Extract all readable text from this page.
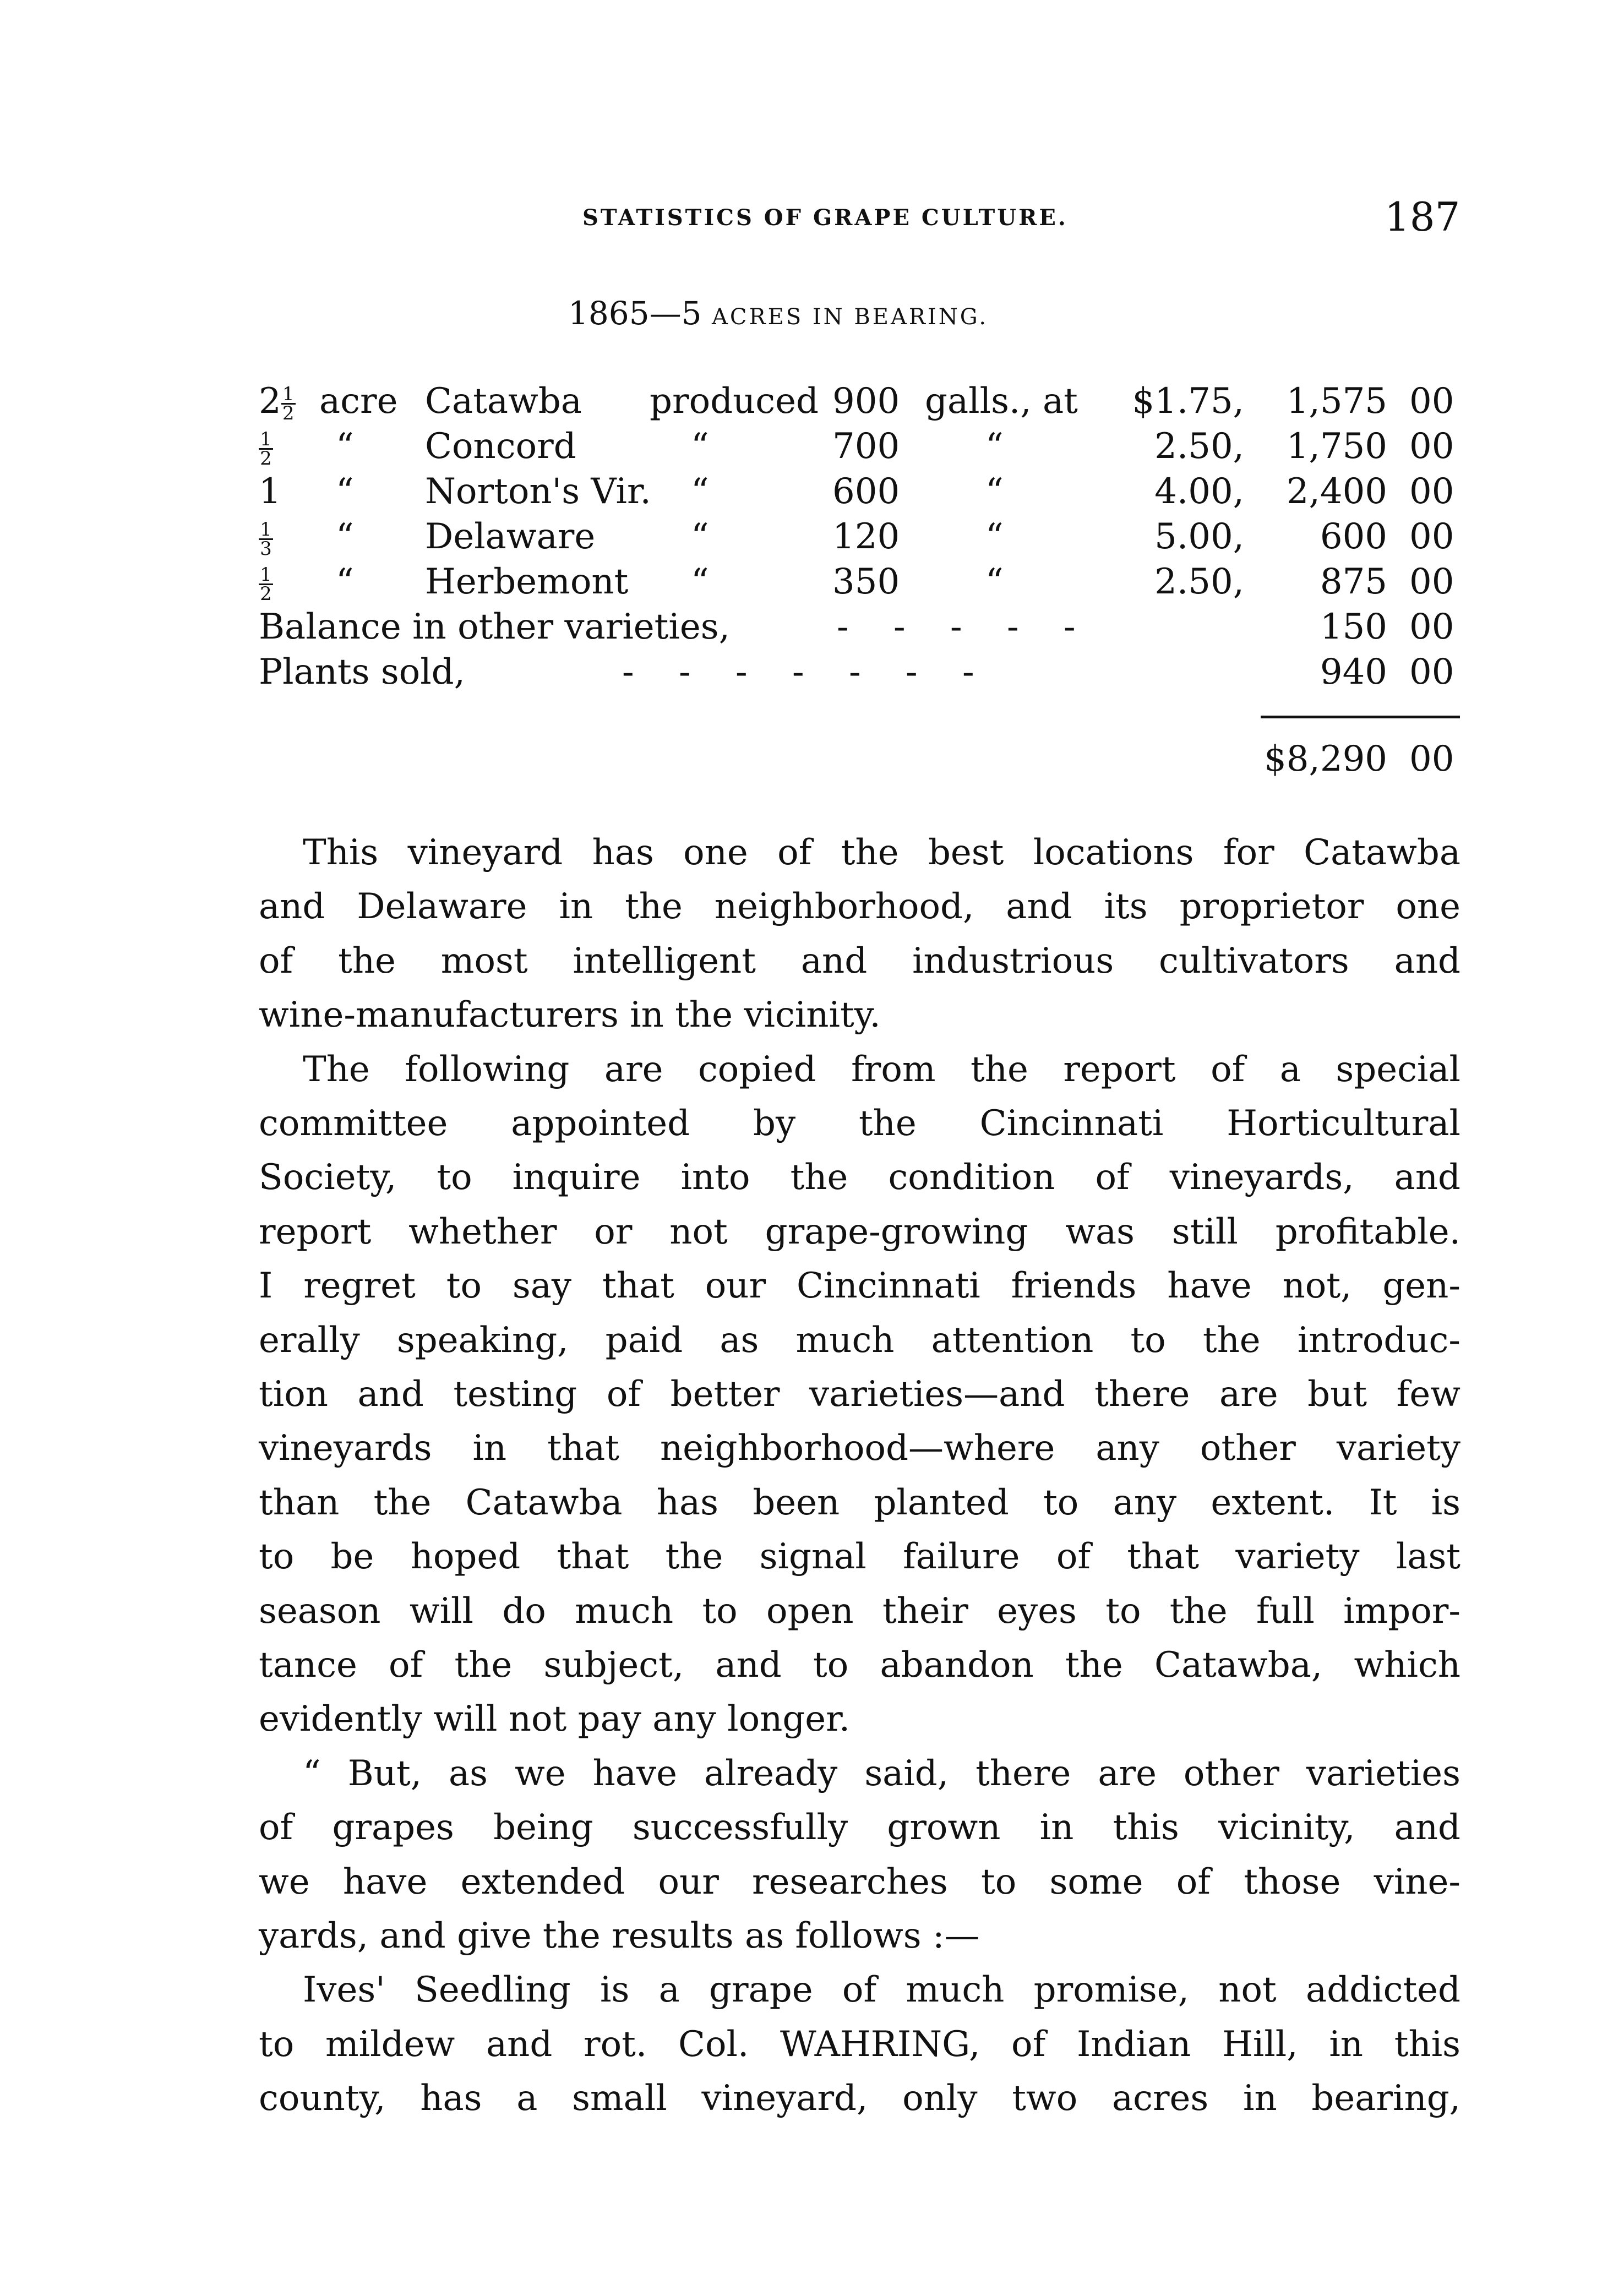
STATISTICS OF GRAPE CULTURE.	187
1865—5 ACRES IN BEARING.
$2 \frac{1}{2}$ acre Catawba produced 900 galls., at $1.75, 1,575 00
$\frac{1}{2}$ “ Concord	“	700 “	2.50, 1,750 00
1 “ Norton's Vir. “	600 “	4.00, 2,400 00
$\frac{1}{3}$ “ Delaware	“	120 “	5.00, 600 00
$\frac{1}{2}$ “ Herbemont “	350 “	2.50, 875 00
Balance in other varieties,	-    -    -    -    -	150 00
Plants sold,	-    -    -    -    -    -    -	940 00
$8,290 00
This vineyard has one of the best locations for Catawba
and Delaware in the neighborhood, and its proprietor one
of the most intelligent and industrious cultivators and
wine-manufacturers in the vicinity.
The following are copied from the report of a special
committee appointed by the Cincinnati Horticultural
Society, to inquire into the condition of vineyards, and
report whether or not grape-growing was still profitable.
I regret to say that our Cincinnati friends have not, gen-
erally speaking, paid as much attention to the introduc-
tion and testing of better varieties—and there are but few
vineyards in that neighborhood—where any other variety
than the Catawba has been planted to any extent. It is
to be hoped that the signal failure of that variety last
season will do much to open their eyes to the full impor-
tance of the subject, and to abandon the Catawba, which
evidently will not pay any longer.
“ But, as we have already said, there are other varieties
of grapes being successfully grown in this vicinity, and
we have extended our researches to some of those vine-
yards, and give the results as follows :—
Ives' Seedling is a grape of much promise, not addicted
to mildew and rot. Col. WAHRING, of Indian Hill, in this
county, has a small vineyard, only two acres in bearing,
